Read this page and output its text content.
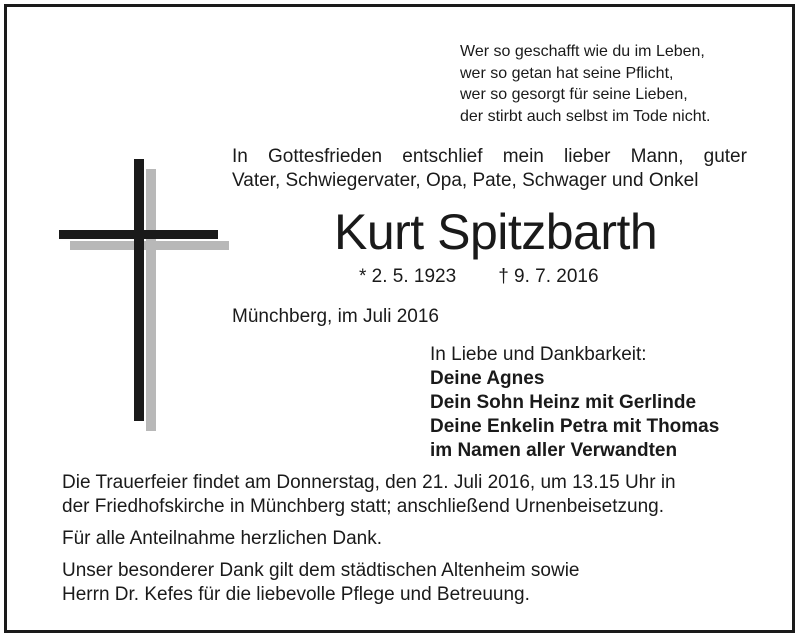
Wer so geschafft wie du im Leben,
wer so getan hat seine Pflicht,
wer so gesorgt für seine Lieben,
der stirbt auch selbst im Tode nicht.
In Gottesfrieden entschlief mein lieber Mann, guter
Vater, Schwiegervater, Opa, Pate, Schwager und Onkel
Kurt Spitzbarth
* 2. 5. 1923 † 9. 7. 2016
Münchberg, im Juli 2016
In Liebe und Dankbarkeit:
Deine Agnes
Dein Sohn Heinz mit Gerlinde
Deine Enkelin Petra mit Thomas
im Namen aller Verwandten

Die Trauerfeier findet am Donnerstag, den 21. Juli 2016, um 13.15 Uhr in
der Friedhofskirche in Münchberg statt; anschließend Urnenbeisetzung.

Für alle Anteilnahme herzlichen Dank.

Unser besonderer Dank gilt dem städtischen Altenheim sowie
Herrn Dr. Kefes für die liebevolle Pflege und Betreuung.
